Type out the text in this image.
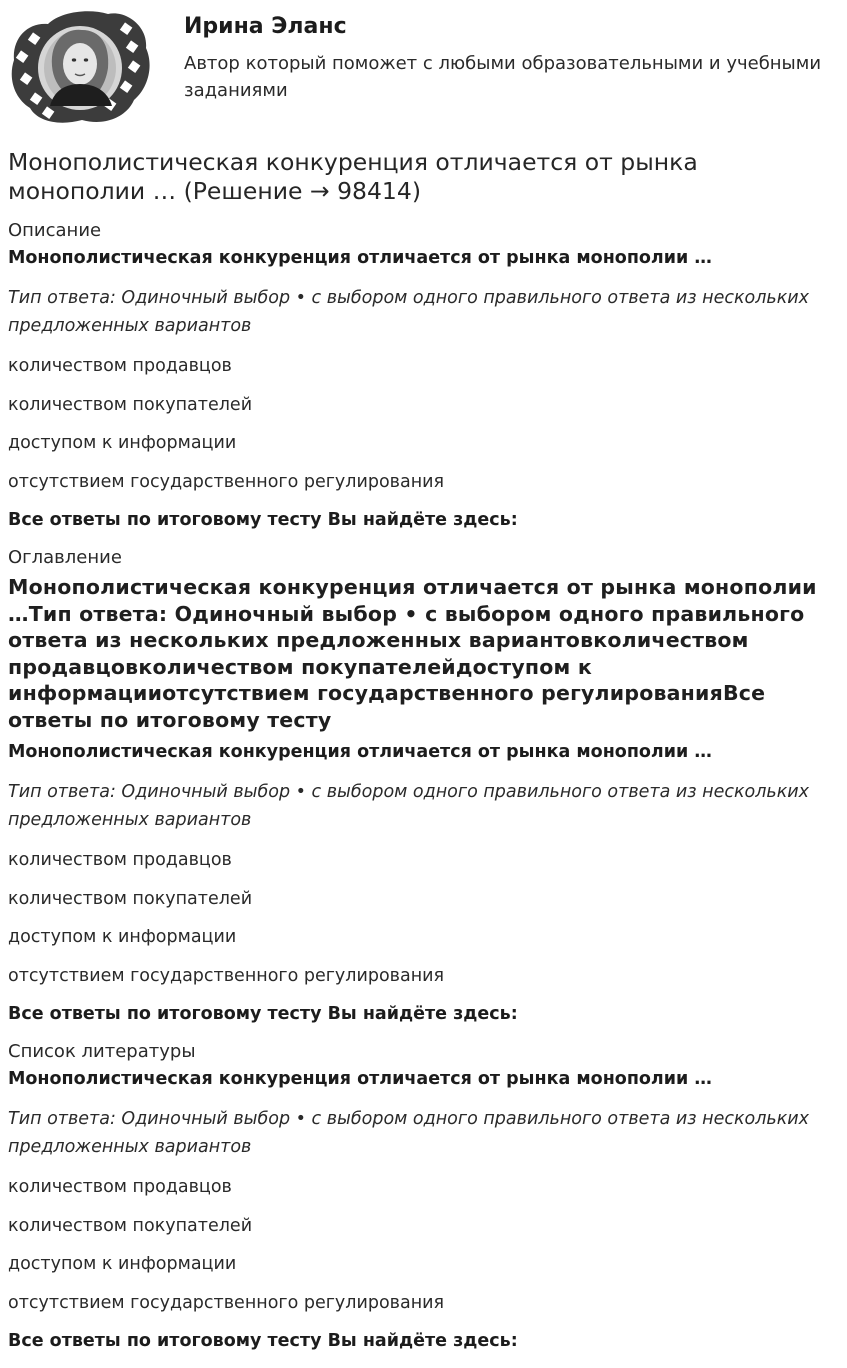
Ирина Эланс

Автор который поможет с любыми образовательными и учебными заданиями

Монополистическая конкуренция отличается от рынка монополии … (Решение → 98414)

Описание

Монополистическая конкуренция отличается от рынка монополии …

Тип ответа: Одиночный выбор • с выбором одного правильного ответа из нескольких предложенных вариантов

количеством продавцов

количеством покупателей

доступом к информации

отсутствием государственного регулирования

Все ответы по итоговому тесту Вы найдёте здесь:

Оглавление

Монополистическая конкуренция отличается от рынка монополии …Тип ответа: Одиночный выбор • с выбором одного правильного ответа из нескольких предложенных вариантовколичеством продавцовколичеством покупателейдоступом к информацииотсутствием государственного регулированияВсе ответы по итоговому тесту

Монополистическая конкуренция отличается от рынка монополии …

Тип ответа: Одиночный выбор • с выбором одного правильного ответа из нескольких предложенных вариантов

количеством продавцов

количеством покупателей

доступом к информации

отсутствием государственного регулирования

Все ответы по итоговому тесту Вы найдёте здесь:

Список литературы

Монополистическая конкуренция отличается от рынка монополии …

Тип ответа: Одиночный выбор • с выбором одного правильного ответа из нескольких предложенных вариантов

количеством продавцов

количеством покупателей

доступом к информации

отсутствием государственного регулирования

Все ответы по итоговому тесту Вы найдёте здесь:
